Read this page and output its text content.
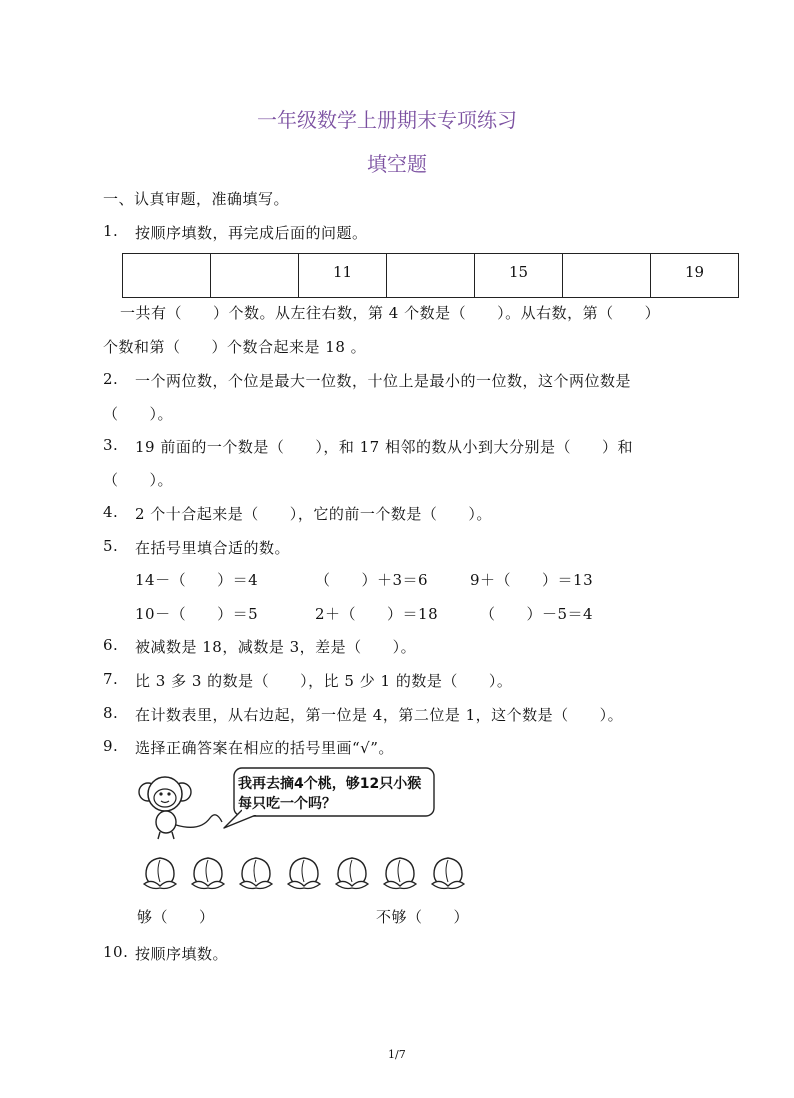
一年级数学上册期末专项练习
填空题
一、认真审题，准确填写。
1. 按顺序填数，再完成后面的问题。
		11		15		19
一共有（　　）个数。从左往右数，第 4 个数是（　　）。从右数，第（　　）
个数和第（　　）个数合起来是 18 。
2. 一个两位数，个位是最大一位数，十位上是最小的一位数，这个两位数是
（　　）。
3. 19 前面的一个数是（　　），和 17 相邻的数从小到大分别是（　　）和
（　　）。
4. 2 个十合起来是（　　），它的前一个数是（　　）。
5. 在括号里填合适的数。
14－（　　）＝4	（　　）＋3＝6	9＋（　　）＝13
10－（　　）＝5	2＋（　　）＝18	（　　）－5＝4
6. 被减数是 18，减数是 3，差是（　　）。
7. 比 3 多 3 的数是（　　），比 5 少 1 的数是（　　）。
8. 在计数表里，从右边起，第一位是 4，第二位是 1，这个数是（　　）。
9. 选择正确答案在相应的括号里画“√”。
我再去摘4个桃，够12只小猴
每只吃一个吗？
够（　　）	不够（　　）
10. 按顺序填数。
1/7
